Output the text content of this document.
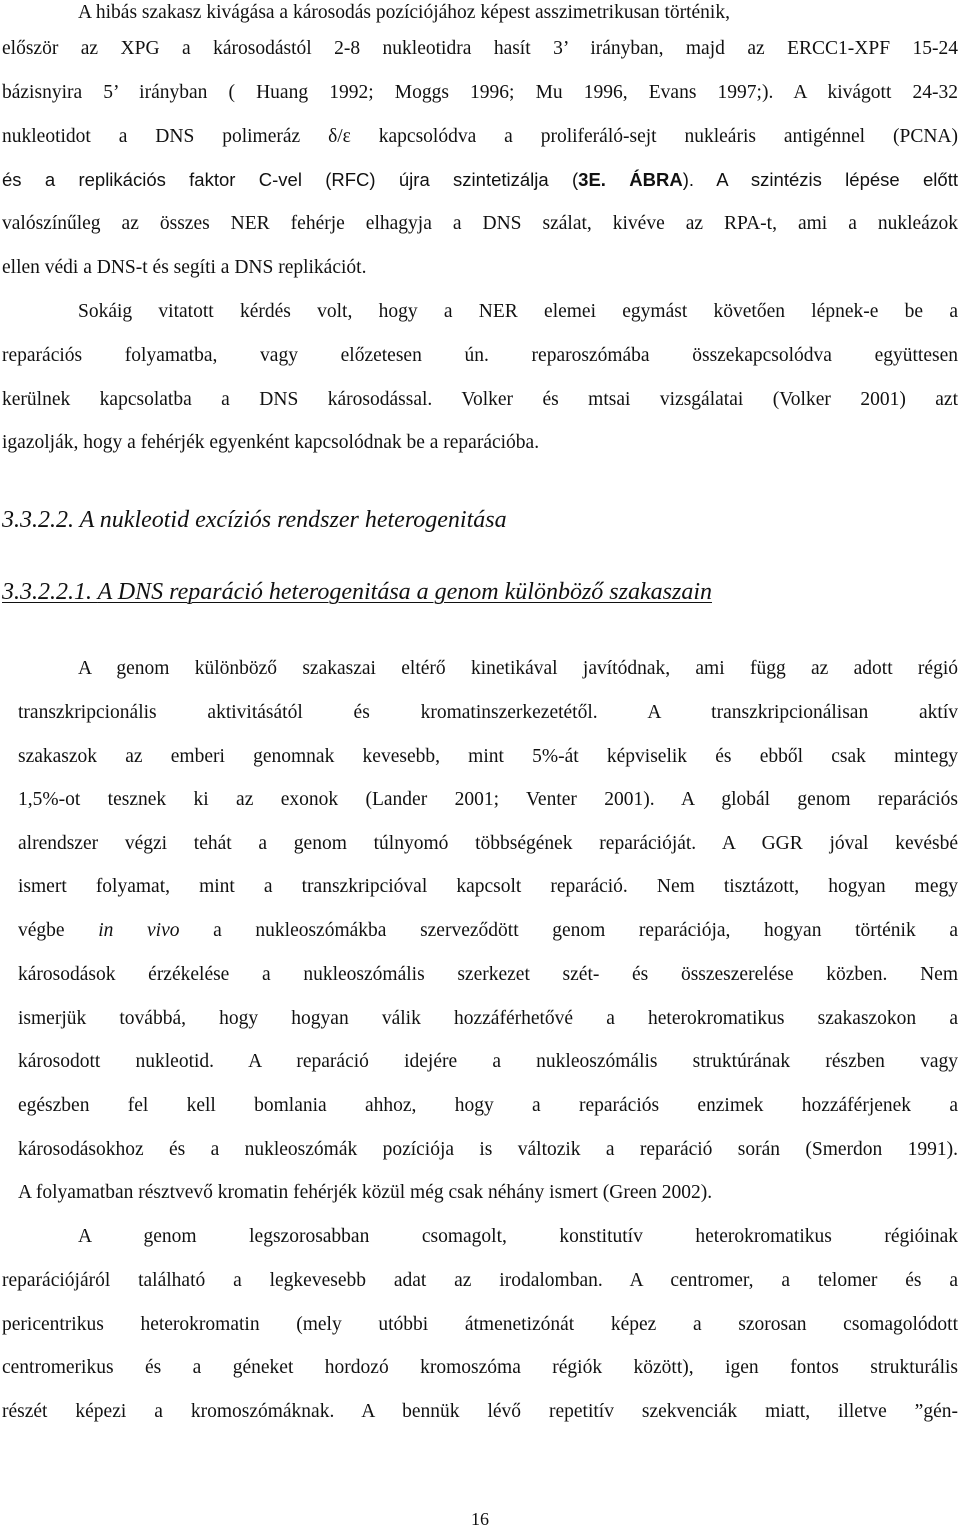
A hibás szakasz kivágása a károsodás pozíciójához képest asszimetrikusan történik,
először az XPG a károsodástól 2-8 nukleotidra hasít 3’ irányban, majd az ERCC1-XPF 15-24
bázisnyira 5’ irányban ( Huang 1992; Moggs 1996; Mu 1996, Evans 1997;). A kivágott 24-32
nukleotidot a DNS polimeráz δ/ε kapcsolódva a proliferáló-sejt nukleáris antigénnel (PCNA)
és a replikációs faktor C-vel (RFC) újra szintetizálja (3E. ÁBRA). A szintézis lépése előtt
valószínűleg az összes NER fehérje elhagyja a DNS szálat, kivéve az RPA-t, ami a nukleázok
ellen védi a DNS-t és segíti a DNS replikációt.
Sokáig vitatott kérdés volt, hogy a NER elemei egymást követően lépnek-e be a
reparációs folyamatba, vagy előzetesen ún. reparoszómába összekapcsolódva együttesen
kerülnek kapcsolatba a DNS károsodással. Volker és mtsai vizsgálatai (Volker 2001) azt
igazolják, hogy a fehérjék egyenként kapcsolódnak be a reparációba.
3.3.2.2. A nukleotid excíziós rendszer heterogenitása
3.3.2.2.1. A DNS reparáció heterogenitása a genom különböző szakaszain
A genom különböző szakaszai eltérő kinetikával javítódnak, ami függ az adott régió
transzkripcionális aktivitásától és kromatinszerkezetétől. A transzkripcionálisan aktív
szakaszok az emberi genomnak kevesebb, mint 5%-át képviselik és ebből csak mintegy
1,5%-ot tesznek ki az exonok (Lander 2001; Venter 2001). A globál genom reparációs
alrendszer végzi tehát a genom túlnyomó többségének reparációját. A GGR jóval kevésbé
ismert folyamat, mint a transzkripcióval kapcsolt reparáció. Nem tisztázott, hogyan megy
végbe in vivo a nukleoszómákba szerveződött genom reparációja, hogyan történik a
károsodások érzékelése a nukleoszómális szerkezet szét- és összeszerelése közben. Nem
ismerjük továbbá, hogy hogyan válik hozzáférhetővé a heterokromatikus szakaszokon a
károsodott nukleotid. A reparáció idejére a nukleoszómális struktúrának részben vagy
egészben fel kell bomlania ahhoz, hogy a reparációs enzimek hozzáférjenek a
károsodásokhoz és a nukleoszómák pozíciója is változik a reparáció során (Smerdon 1991).
A folyamatban résztvevő kromatin fehérjék közül még csak néhány ismert (Green 2002).
A genom legszorosabban csomagolt, konstitutív heterokromatikus régióinak
reparációjáról található a legkevesebb adat az irodalomban. A centromer, a telomer és a
pericentrikus heterokromatin (mely utóbbi átmenetizónát képez a szorosan csomagolódott
centromerikus és a géneket hordozó kromoszóma régiók között), igen fontos strukturális
részét képezi a kromoszómáknak. A bennük lévő repetitív szekvenciák miatt, illetve ”gén-
16
